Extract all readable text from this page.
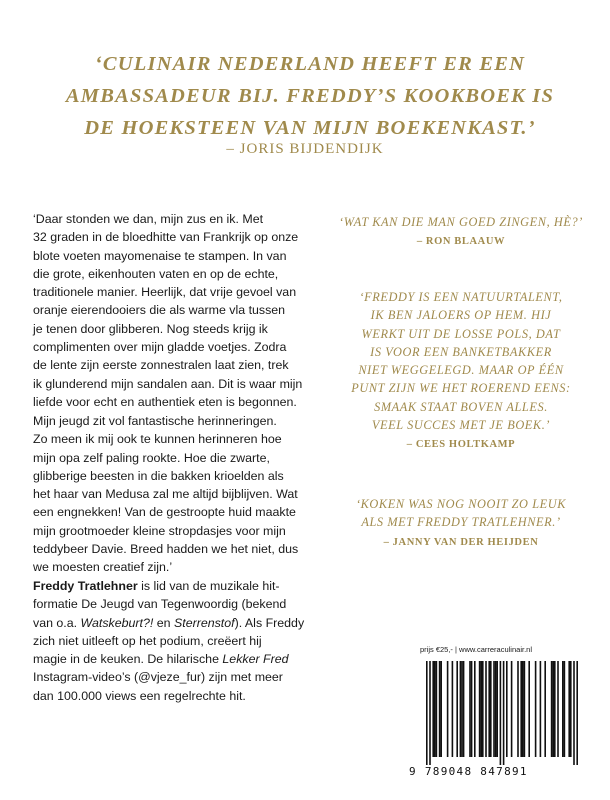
‘CULINAIR NEDERLAND HEEFT ER EEN
AMBASSADEUR BIJ. FREDDY’S KOOKBOEK IS
DE HOEKSTEEN VAN MIJN BOEKENKAST.’
– JORIS BIJDENDIJK

‘Daar stonden we dan, mijn zus en ik. Met
32 graden in de bloedhitte van Frankrijk op onze
blote voeten mayomenaise te stampen. In van
die grote, eikenhouten vaten en op de echte,
traditionele manier. Heerlijk, dat vrije gevoel van
oranje eierendooiers die als warme vla tussen
je tenen door glibberen. Nog steeds krijg ik
complimenten over mijn gladde voetjes. Zodra
de lente zijn eerste zonnestralen laat zien, trek
ik glunderend mijn sandalen aan. Dit is waar mijn
liefde voor echt en authentiek eten is begonnen.

Mijn jeugd zit vol fantastische herinneringen.
Zo meen ik mij ook te kunnen herinneren hoe
mijn opa zelf paling rookte. Hoe die zwarte,
glibberige beesten in die bakken krioelden als
het haar van Medusa zal me altijd bijblijven. Wat
een engnekken! Van de gestroopte huid maakte
mijn grootmoeder kleine stropdasjes voor mijn
teddybeer Davie. Breed hadden we het niet, dus
we moesten creatief zijn.’

Freddy Tratlehner is lid van de muzikale hit-
formatie De Jeugd van Tegenwoordig (bekend
van o.a. Watskeburt?! en Sterrenstof). Als Freddy
zich niet uitleeft op het podium, creëert hij
magie in de keuken. De hilarische Lekker Fred
Instagram-video’s (@vjeze_fur) zijn met meer
dan 100.000 views een regelrechte hit.

‘WAT KAN DIE MAN GOED ZINGEN, HÈ?’
– RON BLAAUW
‘FREDDY IS EEN NATUURTALENT,
IK BEN JALOERS OP HEM. HIJ
WERKT UIT DE LOSSE POLS, DAT
IS VOOR EEN BANKETBAKKER
NIET WEGGELEGD. MAAR OP ÉÉN
PUNT ZIJN WE HET ROEREND EENS:
SMAAK STAAT BOVEN ALLES.
VEEL SUCCES MET JE BOEK.’
– CEES HOLTKAMP
‘KOKEN WAS NOG NOOIT ZO LEUK
ALS MET FREDDY TRATLEHNER.’
– JANNY VAN DER HEIJDEN
prijs €25,- | www.carreraculinair.nl
9 789048 847891
